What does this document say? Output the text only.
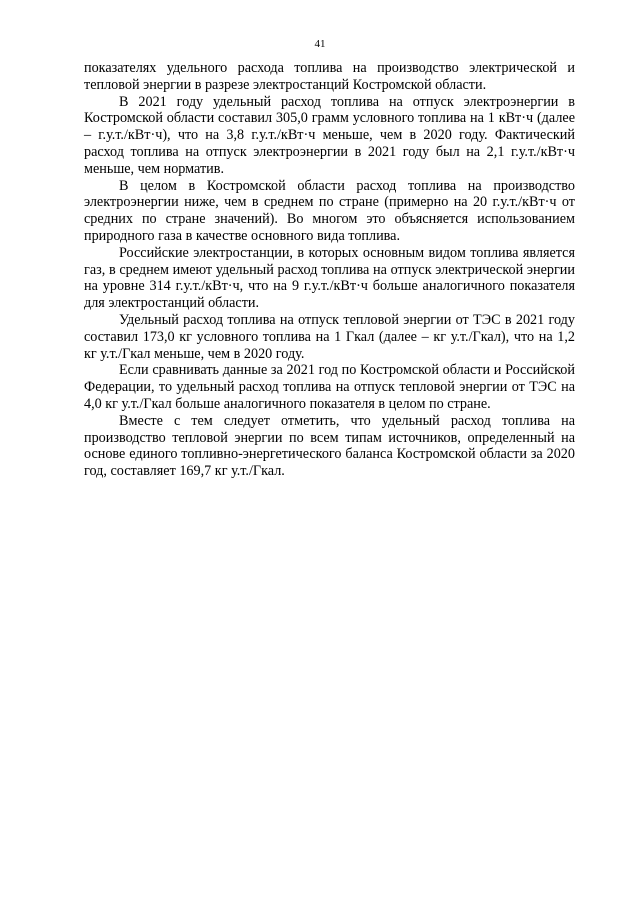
41

показателях удельного расхода топлива на производство электрической и тепловой энергии в разрезе электростанций Костромской области.

В 2021 году удельный расход топлива на отпуск электроэнергии в Костромской области составил 305,0 грамм условного топлива на 1 кВт·ч (далее – г.у.т./кВт·ч), что на 3,8 г.у.т./кВт·ч меньше, чем в 2020 году. Фактический расход топлива на отпуск электроэнергии в 2021 году был на 2,1 г.у.т./кВт·ч меньше, чем норматив.

В целом в Костромской области расход топлива на производство электроэнергии ниже, чем в среднем по стране (примерно на 20 г.у.т./кВт·ч от средних по стране значений). Во многом это объясняется использованием природного газа в качестве основного вида топлива.

Российские электростанции, в которых основным видом топлива является газ, в среднем имеют удельный расход топлива на отпуск электрической энергии на уровне 314 г.у.т./кВт·ч, что на 9 г.у.т./кВт·ч больше аналогичного показателя для электростанций области.

Удельный расход топлива на отпуск тепловой энергии от ТЭС в 2021 году составил 173,0 кг условного топлива на 1 Гкал (далее – кг у.т./Гкал), что на 1,2 кг у.т./Гкал меньше, чем в 2020 году.

Если сравнивать данные за 2021 год по Костромской области и Российской Федерации, то удельный расход топлива на отпуск тепловой энергии от ТЭС на 4,0 кг у.т./Гкал больше аналогичного показателя в целом по стране.

Вместе с тем следует отметить, что удельный расход топлива на производство тепловой энергии по всем типам источников, определенный на основе единого топливно-энергетического баланса Костромской области за 2020 год, составляет 169,7 кг у.т./Гкал.
